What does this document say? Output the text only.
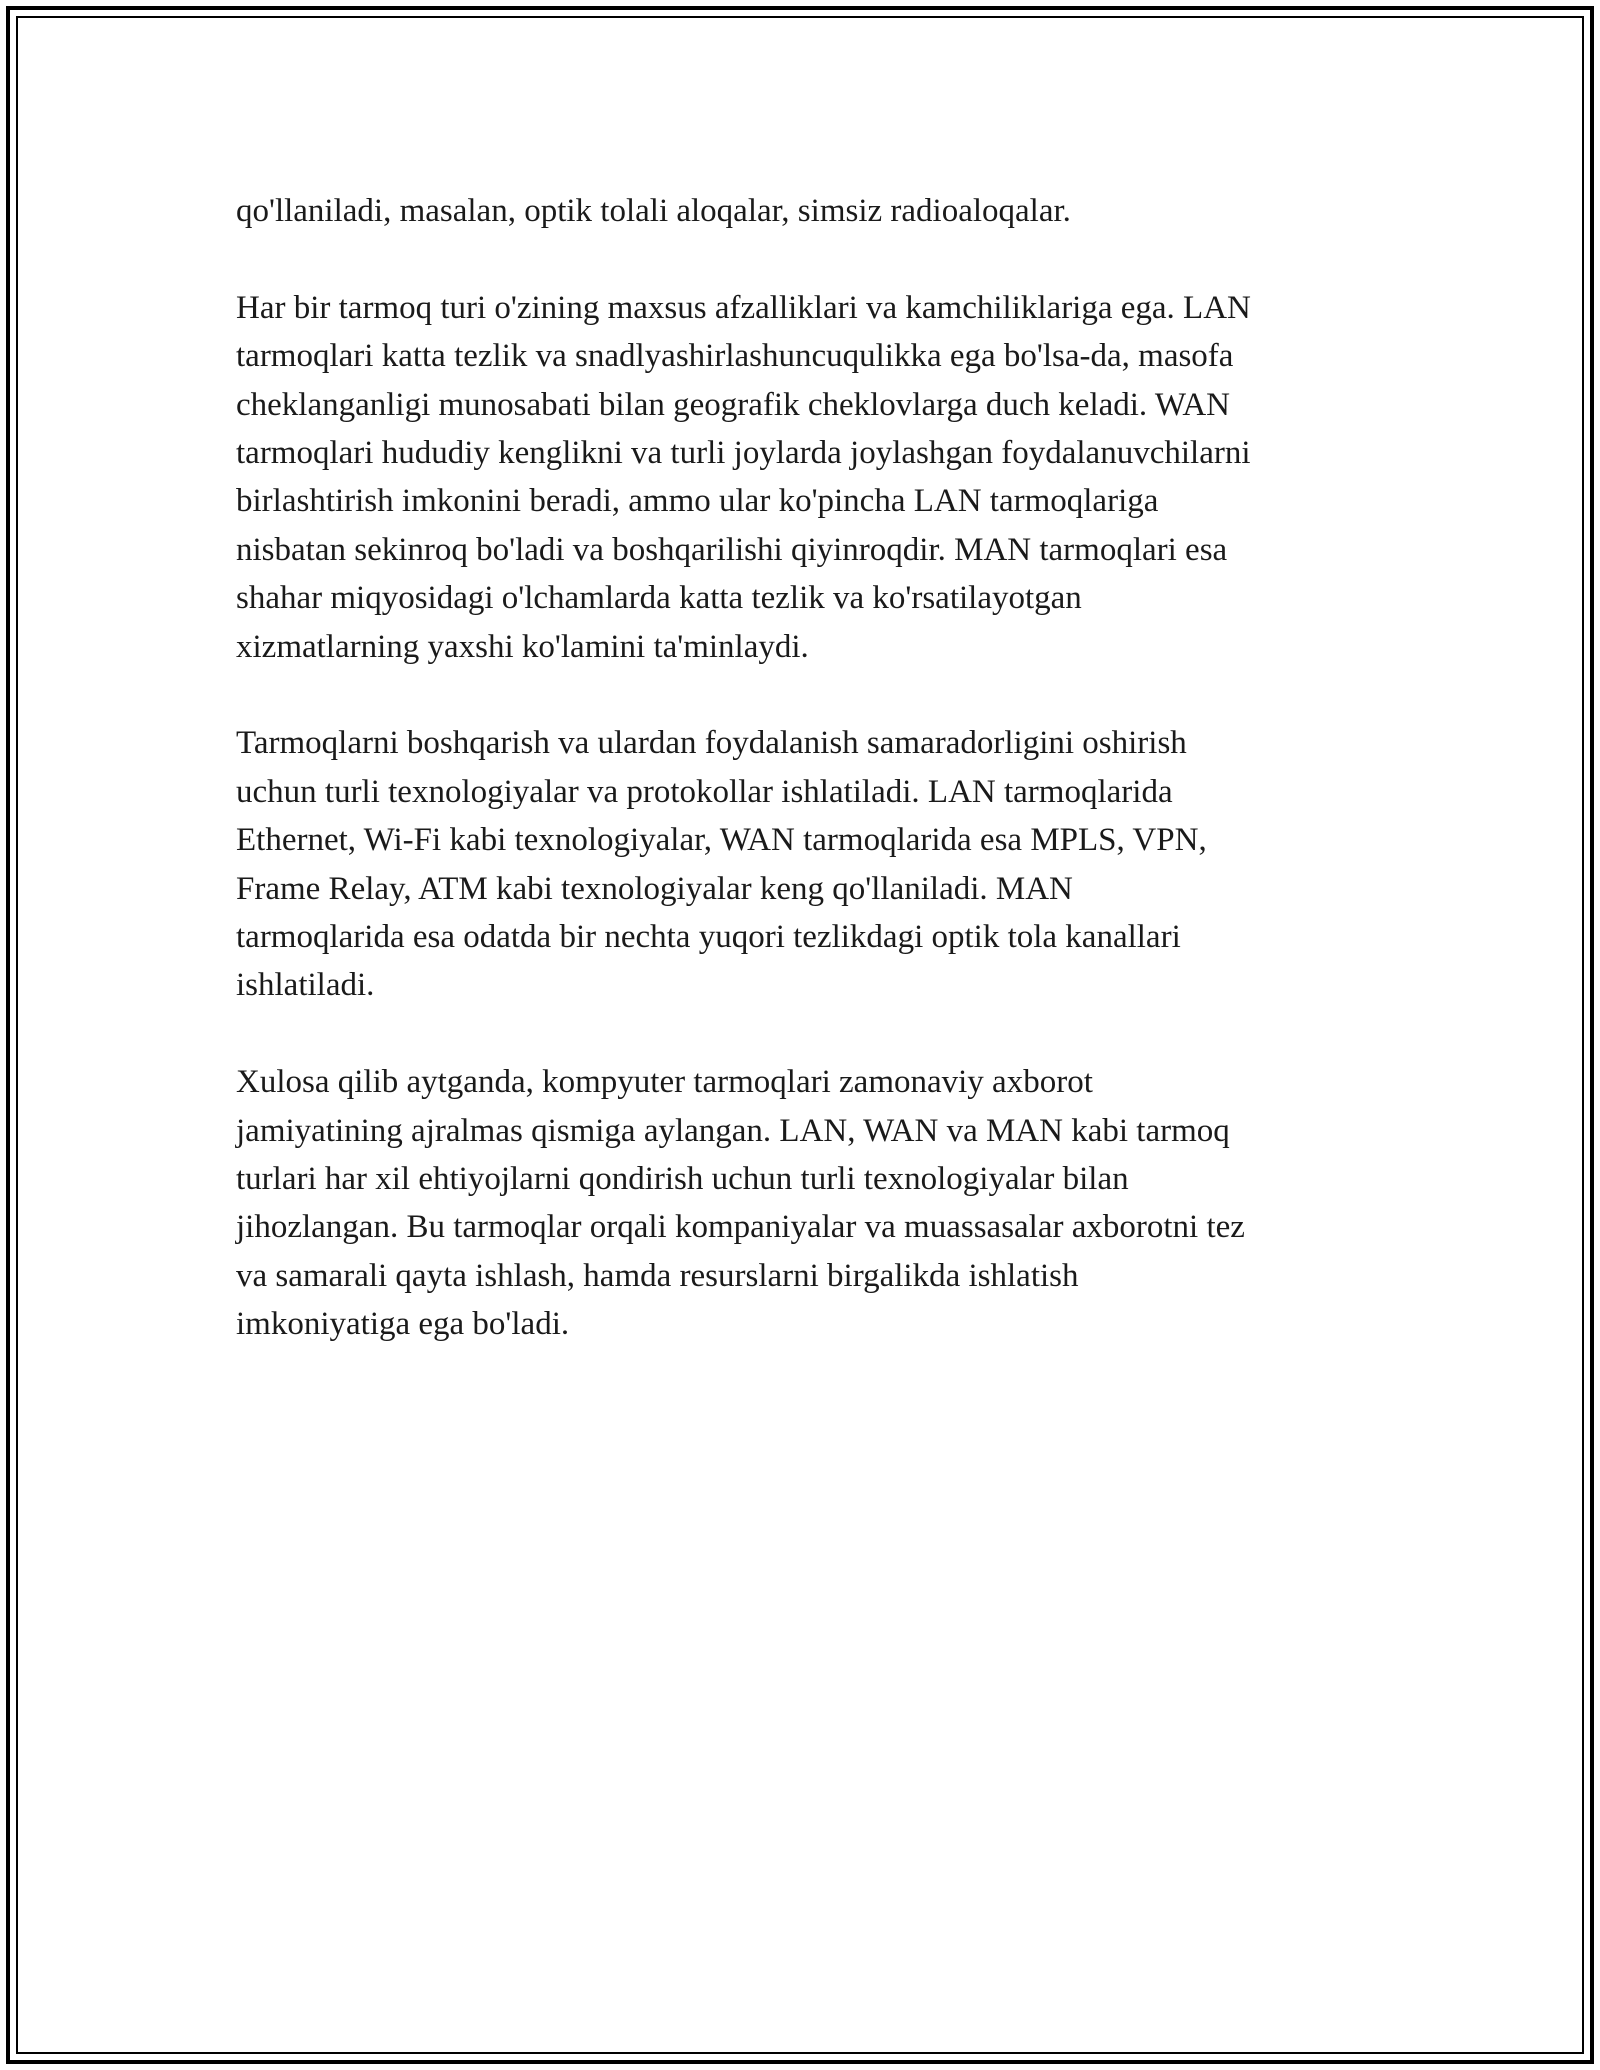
qo'llaniladi, masalan, optik tolali aloqalar, simsiz radioaloqalar.

Har bir tarmoq turi o'zining maxsus afzalliklari va kamchiliklariga ega. LAN
tarmoqlari katta tezlik va snadlyashirlashuncuqulikka ega bo'lsa-da, masofa
cheklanganligi munosabati bilan geografik cheklovlarga duch keladi. WAN
tarmoqlari hududiy kenglikni va turli joylarda joylashgan foydalanuvchilarni
birlashtirish imkonini beradi, ammo ular ko'pincha LAN tarmoqlariga
nisbatan sekinroq bo'ladi va boshqarilishi qiyinroqdir. MAN tarmoqlari esa
shahar miqyosidagi o'lchamlarda katta tezlik va ko'rsatilayotgan
xizmatlarning yaxshi ko'lamini ta'minlaydi.

Tarmoqlarni boshqarish va ulardan foydalanish samaradorligini oshirish
uchun turli texnologiyalar va protokollar ishlatiladi. LAN tarmoqlarida
Ethernet, Wi-Fi kabi texnologiyalar, WAN tarmoqlarida esa MPLS, VPN,
Frame Relay, ATM kabi texnologiyalar keng qo'llaniladi. MAN
tarmoqlarida esa odatda bir nechta yuqori tezlikdagi optik tola kanallari
ishlatiladi.

Xulosa qilib aytganda, kompyuter tarmoqlari zamonaviy axborot
jamiyatining ajralmas qismiga aylangan. LAN, WAN va MAN kabi tarmoq
turlari har xil ehtiyojlarni qondirish uchun turli texnologiyalar bilan
jihozlangan. Bu tarmoqlar orqali kompaniyalar va muassasalar axborotni tez
va samarali qayta ishlash, hamda resurslarni birgalikda ishlatish
imkoniyatiga ega bo'ladi.
